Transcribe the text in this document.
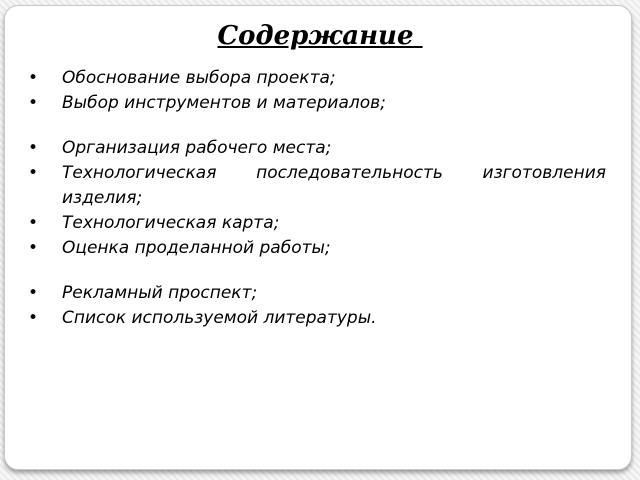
Содержание
• Обоснование выбора проекта;
• Выбор инструментов и материалов;
• Организация рабочего места;
• Технологическая последовательность изготовления изделия;
• Технологическая карта;
• Оценка проделанной работы;
• Рекламный проспект;
• Список используемой литературы.
